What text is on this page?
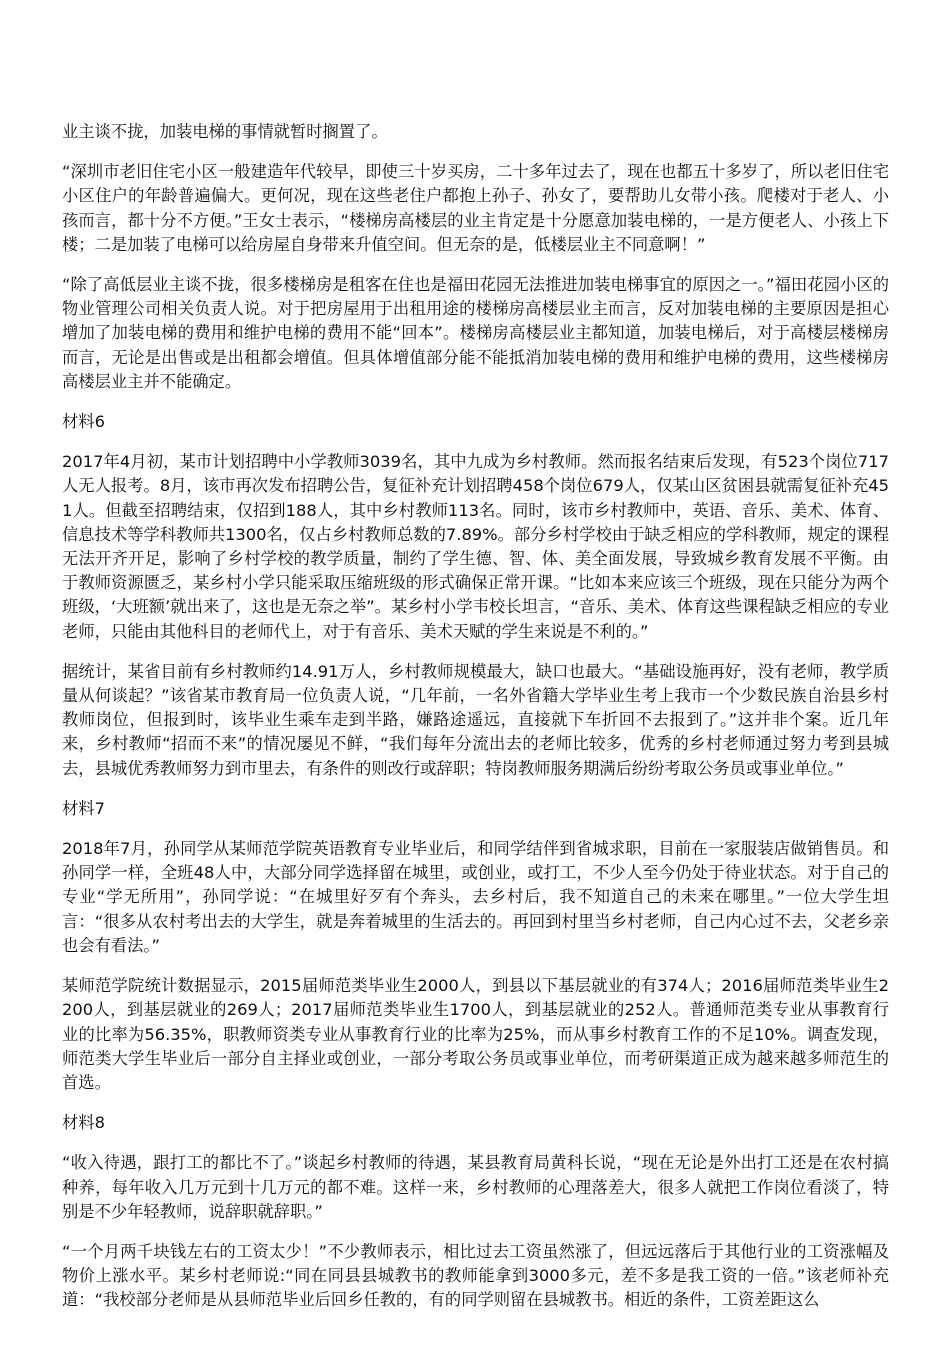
业主谈不拢，加装电梯的事情就暂时搁置了。

“深圳市老旧住宅小区一般建造年代较早，即使三十岁买房，二十多年过去了，现在也都五十多岁了，所以老旧住宅小区住户的年龄普遍偏大。更何况，现在这些老住户都抱上孙子、孙女了，要帮助儿女带小孩。爬楼对于老人、小孩而言，都十分不方便。”王女士表示，“楼梯房高楼层的业主肯定是十分愿意加装电梯的，一是方便老人、小孩上下楼；二是加装了电梯可以给房屋自身带来升值空间。但无奈的是，低楼层业主不同意啊！”

“除了高低层业主谈不拢，很多楼梯房是租客在住也是福田花园无法推进加装电梯事宜的原因之一。”福田花园小区的物业管理公司相关负责人说。对于把房屋用于出租用途的楼梯房高楼层业主而言，反对加装电梯的主要原因是担心增加了加装电梯的费用和维护电梯的费用不能“回本”。楼梯房高楼层业主都知道，加装电梯后，对于高楼层楼梯房而言，无论是出售或是出租都会增值。但具体增值部分能不能抵消加装电梯的费用和维护电梯的费用，这些楼梯房高楼层业主并不能确定。

材料6

2017年4月初，某市计划招聘中小学教师3039名，其中九成为乡村教师。然而报名结束后发现，有523个岗位717人无人报考。8月，该市再次发布招聘公告，复征补充计划招聘458个岗位679人，仅某山区贫困县就需复征补充451人。但截至招聘结束，仅招到188人，其中乡村教师113名。同时，该市乡村教师中，英语、音乐、美术、体育、信息技术等学科教师共1300名，仅占乡村教师总数的7.89%。部分乡村学校由于缺乏相应的学科教师，规定的课程无法开齐开足，影响了乡村学校的教学质量，制约了学生德、智、体、美全面发展，导致城乡教育发展不平衡。由于教师资源匮乏，某乡村小学只能采取压缩班级的形式确保正常开课。“比如本来应该三个班级，现在只能分为两个班级，‘大班额’就出来了，这也是无奈之举”。某乡村小学韦校长坦言，“音乐、美术、体育这些课程缺乏相应的专业老师，只能由其他科目的老师代上，对于有音乐、美术天赋的学生来说是不利的。”

据统计，某省目前有乡村教师约14.91万人，乡村教师规模最大，缺口也最大。“基础设施再好，没有老师，教学质量从何谈起？”该省某市教育局一位负责人说，“几年前，一名外省籍大学毕业生考上我市一个少数民族自治县乡村教师岗位，但报到时，该毕业生乘车走到半路，嫌路途遥远，直接就下车折回不去报到了。”这并非个案。近几年来，乡村教师“招而不来”的情况屡见不鲜，“我们每年分流出去的老师比较多，优秀的乡村老师通过努力考到县城去，县城优秀教师努力到市里去，有条件的则改行或辞职；特岗教师服务期满后纷纷考取公务员或事业单位。”

材料7

2018年7月，孙同学从某师范学院英语教育专业毕业后，和同学结伴到省城求职，目前在一家服装店做销售员。和孙同学一样，全班48人中，大部分同学选择留在城里，或创业，或打工，不少人至今仍处于待业状态。对于自己的专业“学无所用”，孙同学说：“在城里好歹有个奔头，去乡村后，我不知道自己的未来在哪里。”一位大学生坦言：“很多从农村考出去的大学生，就是奔着城里的生活去的。再回到村里当乡村老师，自己内心过不去，父老乡亲也会有看法。”

某师范学院统计数据显示，2015届师范类毕业生2000人，到县以下基层就业的有374人；2016届师范类毕业生2200人，到基层就业的269人；2017届师范类毕业生1700人，到基层就业的252人。普通师范类专业从事教育行业的比率为56.35%，职教师资类专业从事教育行业的比率为25%，而从事乡村教育工作的不足10%。调查发现，师范类大学生毕业后一部分自主择业或创业，一部分考取公务员或事业单位，而考研渠道正成为越来越多师范生的首选。

材料8

“收入待遇，跟打工的都比不了。”谈起乡村教师的待遇，某县教育局黄科长说，“现在无论是外出打工还是在农村搞种养，每年收入几万元到十几万元的都不难。这样一来，乡村教师的心理落差大，很多人就把工作岗位看淡了，特别是不少年轻教师，说辞职就辞职。”

“一个月两千块钱左右的工资太少！”不少教师表示，相比过去工资虽然涨了，但远远落后于其他行业的工资涨幅及物价上涨水平。某乡村老师说:“同在同县县城教书的教师能拿到3000多元，差不多是我工资的一倍。”该老师补充道：“我校部分老师是从县师范毕业后回乡任教的，有的同学则留在县城教书。相近的条件，工资差距这么
